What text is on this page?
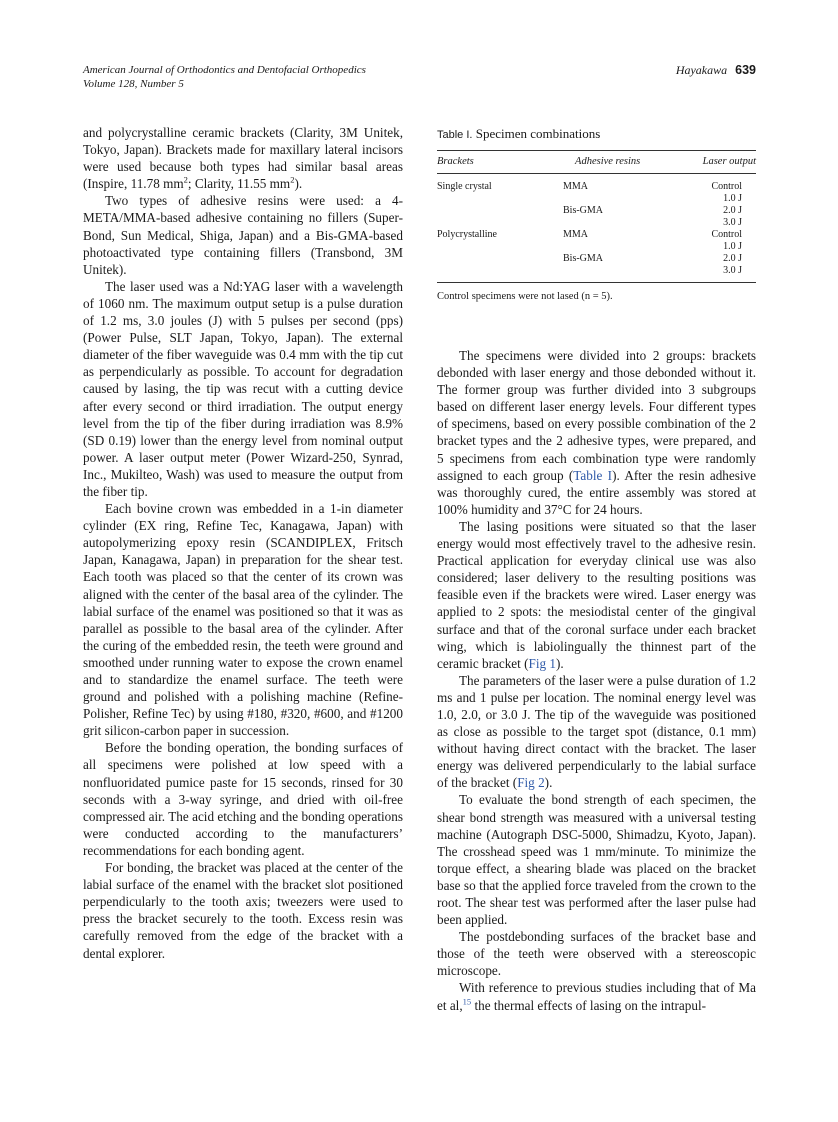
American Journal of Orthodontics and Dentofacial Orthopedics
Volume 128, Number 5
Hayakawa 639

and polycrystalline ceramic brackets (Clarity, 3M Unitek, Tokyo, Japan). Brackets made for maxillary lateral incisors were used because both types had similar basal areas (Inspire, 11.78 $mm^2$; Clarity, 11.55 $mm^2$).

Two types of adhesive resins were used: a 4-META/MMA-based adhesive containing no fillers (Super-Bond, Sun Medical, Shiga, Japan) and a Bis-GMA-based photoactivated type containing fillers (Transbond, 3M Unitek).

The laser used was a Nd:YAG laser with a wavelength of 1060 nm. The maximum output setup is a pulse duration of 1.2 ms, 3.0 joules (J) with 5 pulses per second (pps) (Power Pulse, SLT Japan, Tokyo, Japan). The external diameter of the fiber waveguide was 0.4 mm with the tip cut as perpendicularly as possible. To account for degradation caused by lasing, the tip was recut with a cutting device after every second or third irradiation. The output energy level from the tip of the fiber during irradiation was 8.9% (SD 0.19) lower than the energy level from nominal output power. A laser output meter (Power Wizard-250, Synrad, Inc., Mukilteo, Wash) was used to measure the output from the fiber tip.

Each bovine crown was embedded in a 1-in diameter cylinder (EX ring, Refine Tec, Kanagawa, Japan) with autopolymerizing epoxy resin (SCANDIPLEX, Fritsch Japan, Kanagawa, Japan) in preparation for the shear test. Each tooth was placed so that the center of its crown was aligned with the center of the basal area of the cylinder. The labial surface of the enamel was positioned so that it was as parallel as possible to the basal area of the cylinder. After the curing of the embedded resin, the teeth were ground and smoothed under running water to expose the crown enamel and to standardize the enamel surface. The teeth were ground and polished with a polishing machine (Refine-Polisher, Refine Tec) by using #180, #320, #600, and #1200 grit silicon-carbon paper in succession.

Before the bonding operation, the bonding surfaces of all specimens were polished at low speed with a nonfluoridated pumice paste for 15 seconds, rinsed for 30 seconds with a 3-way syringe, and dried with oil-free compressed air. The acid etching and the bonding operations were conducted according to the manufacturers’ recommendations for each bonding agent.

For bonding, the bracket was placed at the center of the labial surface of the enamel with the bracket slot positioned perpendicularly to the tooth axis; tweezers were used to press the bracket securely to the tooth. Excess resin was carefully removed from the edge of the bracket with a dental explorer.

Table I. Specimen combinations
Brackets	Adhesive resins	Laser output
Single crystal	MMA	Control
		1.0 J
	Bis-GMA	2.0 J
		3.0 J
Polycrystalline	MMA	Control
		1.0 J
	Bis-GMA	2.0 J
		3.0 J
Control specimens were not lased (n = 5).

The specimens were divided into 2 groups: brackets debonded with laser energy and those debonded without it. The former group was further divided into 3 subgroups based on different laser energy levels. Four different types of specimens, based on every possible combination of the 2 bracket types and the 2 adhesive types, were prepared, and 5 specimens from each combination type were randomly assigned to each group (Table I). After the resin adhesive was thoroughly cured, the entire assembly was stored at 100% humidity and 37°C for 24 hours.

The lasing positions were situated so that the laser energy would most effectively travel to the adhesive resin. Practical application for everyday clinical use was also considered; laser delivery to the resulting positions was feasible even if the brackets were wired. Laser energy was applied to 2 spots: the mesiodistal center of the gingival surface and that of the coronal surface under each bracket wing, which is labiolingually the thinnest part of the ceramic bracket (Fig 1).

The parameters of the laser were a pulse duration of 1.2 ms and 1 pulse per location. The nominal energy level was 1.0, 2.0, or 3.0 J. The tip of the waveguide was positioned as close as possible to the target spot (distance, 0.1 mm) without having direct contact with the bracket. The laser energy was delivered perpendicularly to the labial surface of the bracket (Fig 2).

To evaluate the bond strength of each specimen, the shear bond strength was measured with a universal testing machine (Autograph DSC-5000, Shimadzu, Kyoto, Japan). The crosshead speed was 1 mm/minute. To minimize the torque effect, a shearing blade was placed on the bracket base so that the applied force traveled from the crown to the root. The shear test was performed after the laser pulse had been applied.

The postdebonding surfaces of the bracket base and those of the teeth were observed with a stereoscopic microscope.

With reference to previous studies including that of Ma et al,$^{15}$ the thermal effects of lasing on the intrapul-
